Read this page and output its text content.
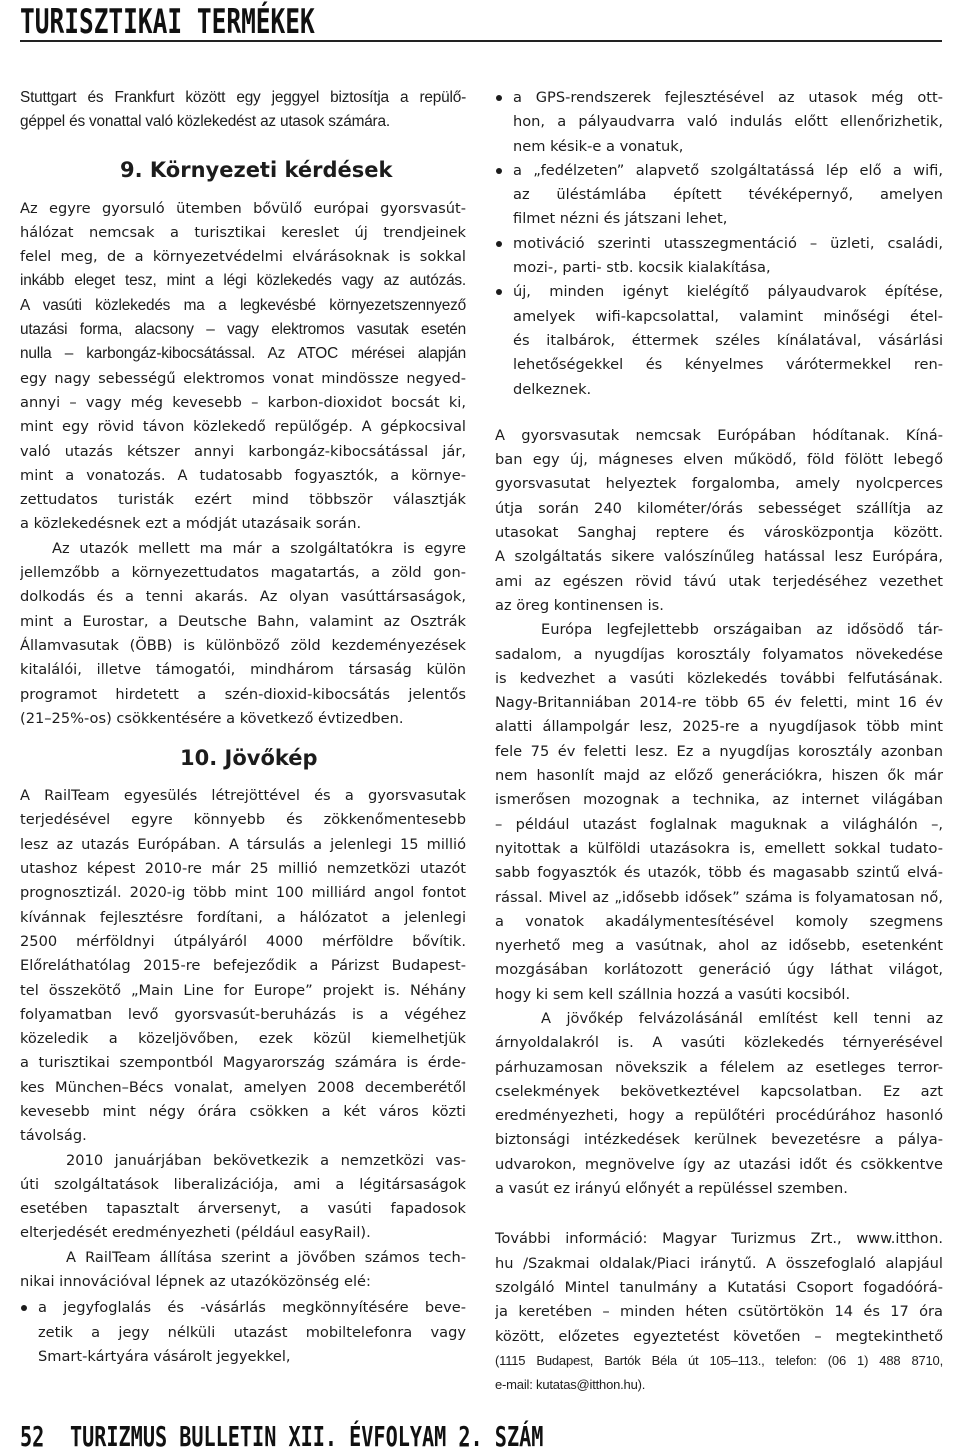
TURISZTIKAI TERMÉKEK
Stuttgart és Frankfurt között egy jeggyel biztosítja a repülő-
géppel és vonattal való közlekedést az utasok számára.
9. Környezeti kérdések
Az egyre gyorsuló ütemben bővülő európai gyorsvasút-
hálózat nemcsak a turisztikai kereslet új trendjeinek
felel meg, de a környezetvédelmi elvárásoknak is sokkal
inkább eleget tesz, mint a légi közlekedés vagy az autózás.
A vasúti közlekedés ma a legkevésbé környezetszennyező
utazási forma, alacsony – vagy elektromos vasutak esetén
nulla – karbongáz-kibocsátással. Az ATOC mérései alapján
egy nagy sebességű elektromos vonat mindössze negyed-
annyi – vagy még kevesebb – karbon-dioxidot bocsát ki,
mint egy rövid távon közlekedő repülőgép. A gépkocsival
való utazás kétszer annyi karbongáz-kibocsátással jár,
mint a vonatozás. A tudatosabb fogyasztók, a környe-
zettudatos turisták ezért mind többször választják
a közlekedésnek ezt a módját utazásaik során.
Az utazók mellett ma már a szolgáltatókra is egyre
jellemzőbb a környezettudatos magatartás, a zöld gon-
dolkodás és a tenni akarás. Az olyan vasúttársaságok,
mint a Eurostar, a Deutsche Bahn, valamint az Osztrák
Államvasutak (ÖBB) is különböző zöld kezdeményezések
kitalálói, illetve támogatói, mindhárom társaság külön
programot hirdetett a szén-dioxid-kibocsátás jelentős
(21–25%-os) csökkentésére a következő évtizedben.
10. Jövőkép
A RailTeam egyesülés létrejöttével és a gyorsvasutak
terjedésével egyre könnyebb és zökkenőmentesebb
lesz az utazás Európában. A társulás a jelenlegi 15 millió
utashoz képest 2010-re már 25 millió nemzetközi utazót
prognosztizál. 2020-ig több mint 100 milliárd angol fontot
kívánnak fejlesztésre fordítani, a hálózatot a jelenlegi
2500 mérföldnyi útpályáról 4000 mérföldre bővítik.
Előreláthatólag 2015-re befejeződik a Párizst Budapest-
tel összekötő „Main Line for Europe” projekt is. Néhány
folyamatban levő gyorsvasút-beruházás is a végéhez
közeledik a közeljövőben, ezek közül kiemelhetjük
a turisztikai szempontból Magyarország számára is érde-
kes München–Bécs vonalat, amelyen 2008 decemberétől
kevesebb mint négy órára csökken a két város közti
távolság.
2010 januárjában bekövetkezik a nemzetközi vas-
úti szolgáltatások liberalizációja, ami a légitársaságok
esetében tapasztalt árversenyt, a vasúti fapadosok
elterjedését eredményezheti (például easyRail).
A RailTeam állítása szerint a jövőben számos tech-
nikai innovációval lépnek az utazóközönség elé:
a jegyfoglalás és -vásárlás megkönnyítésére beve-
zetik a jegy nélküli utazást mobiltelefonra vagy
Smart-kártyára vásárolt jegyekkel,
a GPS-rendszerek fejlesztésével az utasok még ott-
hon, a pályaudvarra való indulás előtt ellenőrizhetik,
nem késik-e a vonatuk,
a „fedélzeten” alapvető szolgáltatássá lép elő a wifi,
az üléstámlába épített tévéképernyő, amelyen
filmet nézni és játszani lehet,
motiváció szerinti utasszegmentáció – üzleti, családi,
mozi-, parti- stb. kocsik kialakítása,
új, minden igényt kielégítő pályaudvarok építése,
amelyek wifi-kapcsolattal, valamint minőségi étel-
és italbárok, éttermek széles kínálatával, vásárlási
lehetőségekkel és kényelmes várótermekkel ren-
delkeznek.
A gyorsvasutak nemcsak Európában hódítanak. Kíná-
ban egy új, mágneses elven működő, föld fölött lebegő
gyorsvasutat helyeztek forgalomba, amely nyolcperces
útja során 240 kilométer/órás sebességet szállítja az
utasokat Sanghaj reptere és városközpontja között.
A szolgáltatás sikere valószínűleg hatással lesz Európára,
ami az egészen rövid távú utak terjedéséhez vezethet
az öreg kontinensen is.
Európa legfejlettebb országaiban az idősödő tár-
sadalom, a nyugdíjas korosztály folyamatos növekedése
is kedvezhet a vasúti közlekedés további felfutásának.
Nagy-Britanniában 2014-re több 65 év feletti, mint 16 év
alatti állampolgár lesz, 2025-re a nyugdíjasok több mint
fele 75 év feletti lesz. Ez a nyugdíjas korosztály azonban
nem hasonlít majd az előző generációkra, hiszen ők már
ismerősen mozognak a technika, az internet világában
– például utazást foglalnak maguknak a világhálón –,
nyitottak a külföldi utazásokra is, emellett sokkal tudato-
sabb fogyasztók és utazók, több és magasabb szintű elvá-
rással. Mivel az „idősebb idősek” száma is folyamatosan nő,
a vonatok akadálymentesítésével komoly szegmens
nyerhető meg a vasútnak, ahol az idősebb, esetenként
mozgásában korlátozott generáció úgy láthat világot,
hogy ki sem kell szállnia hozzá a vasúti kocsiból.
A jövőkép felvázolásánál említést kell tenni az
árnyoldalakról is. A vasúti közlekedés térnyerésével
párhuzamosan növekszik a félelem az esetleges terror-
cselekmények bekövetkeztével kapcsolatban. Ez azt
eredményezheti, hogy a repülőtéri procédúrához hasonló
biztonsági intézkedések kerülnek bevezetésre a pálya-
udvarokon, megnövelve így az utazási időt és csökkentve
a vasút ez irányú előnyét a repüléssel szemben.
További információ: Magyar Turizmus Zrt., www.itthon.
hu /Szakmai oldalak/Piaci iránytű. A összefoglaló alapjául
szolgáló Mintel tanulmány a Kutatási Csoport fogadóórá-
ja keretében – minden héten csütörtökön 14 és 17 óra
között, előzetes egyeztetést követően – megtekinthető
(1115 Budapest, Bartók Béla út 105–113., telefon: (06 1) 488 8710,
e-mail: kutatas@itthon.hu).
52 TURIZMUS BULLETIN XII. ÉVFOLYAM 2. SZÁM
